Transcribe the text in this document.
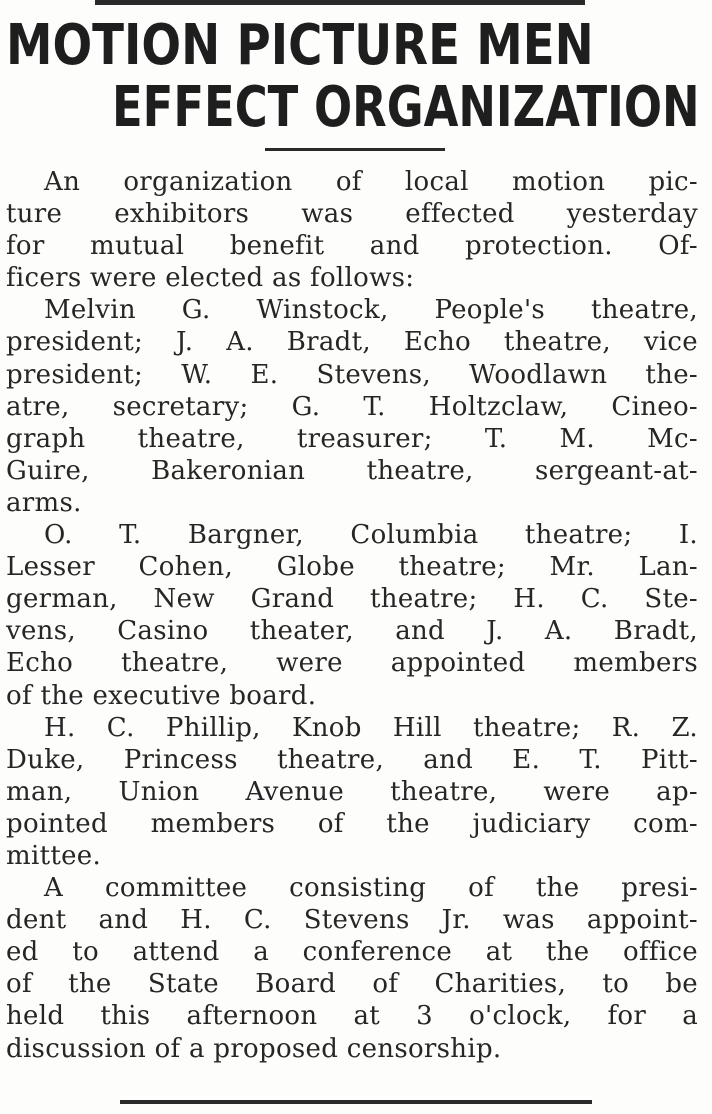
MOTION PICTURE MEN
EFFECT ORGANIZATION
An organization of local motion pic-
ture exhibitors was effected yesterday
for mutual benefit and protection. Of-
ficers were elected as follows:
Melvin G. Winstock, People's theatre,
president; J. A. Bradt, Echo theatre, vice
president; W. E. Stevens, Woodlawn the-
atre, secretary; G. T. Holtzclaw, Cineo-
graph theatre, treasurer; T. M. Mc-
Guire, Bakeronian theatre, sergeant-at-
arms.
O. T. Bargner, Columbia theatre; I.
Lesser Cohen, Globe theatre; Mr. Lan-
german, New Grand theatre; H. C. Ste-
vens, Casino theater, and J. A. Bradt,
Echo theatre, were appointed members
of the executive board.
H. C. Phillip, Knob Hill theatre; R. Z.
Duke, Princess theatre, and E. T. Pitt-
man, Union Avenue theatre, were ap-
pointed members of the judiciary com-
mittee.
A committee consisting of the presi-
dent and H. C. Stevens Jr. was appoint-
ed to attend a conference at the office
of the State Board of Charities, to be
held this afternoon at 3 o'clock, for a
discussion of a proposed censorship.
